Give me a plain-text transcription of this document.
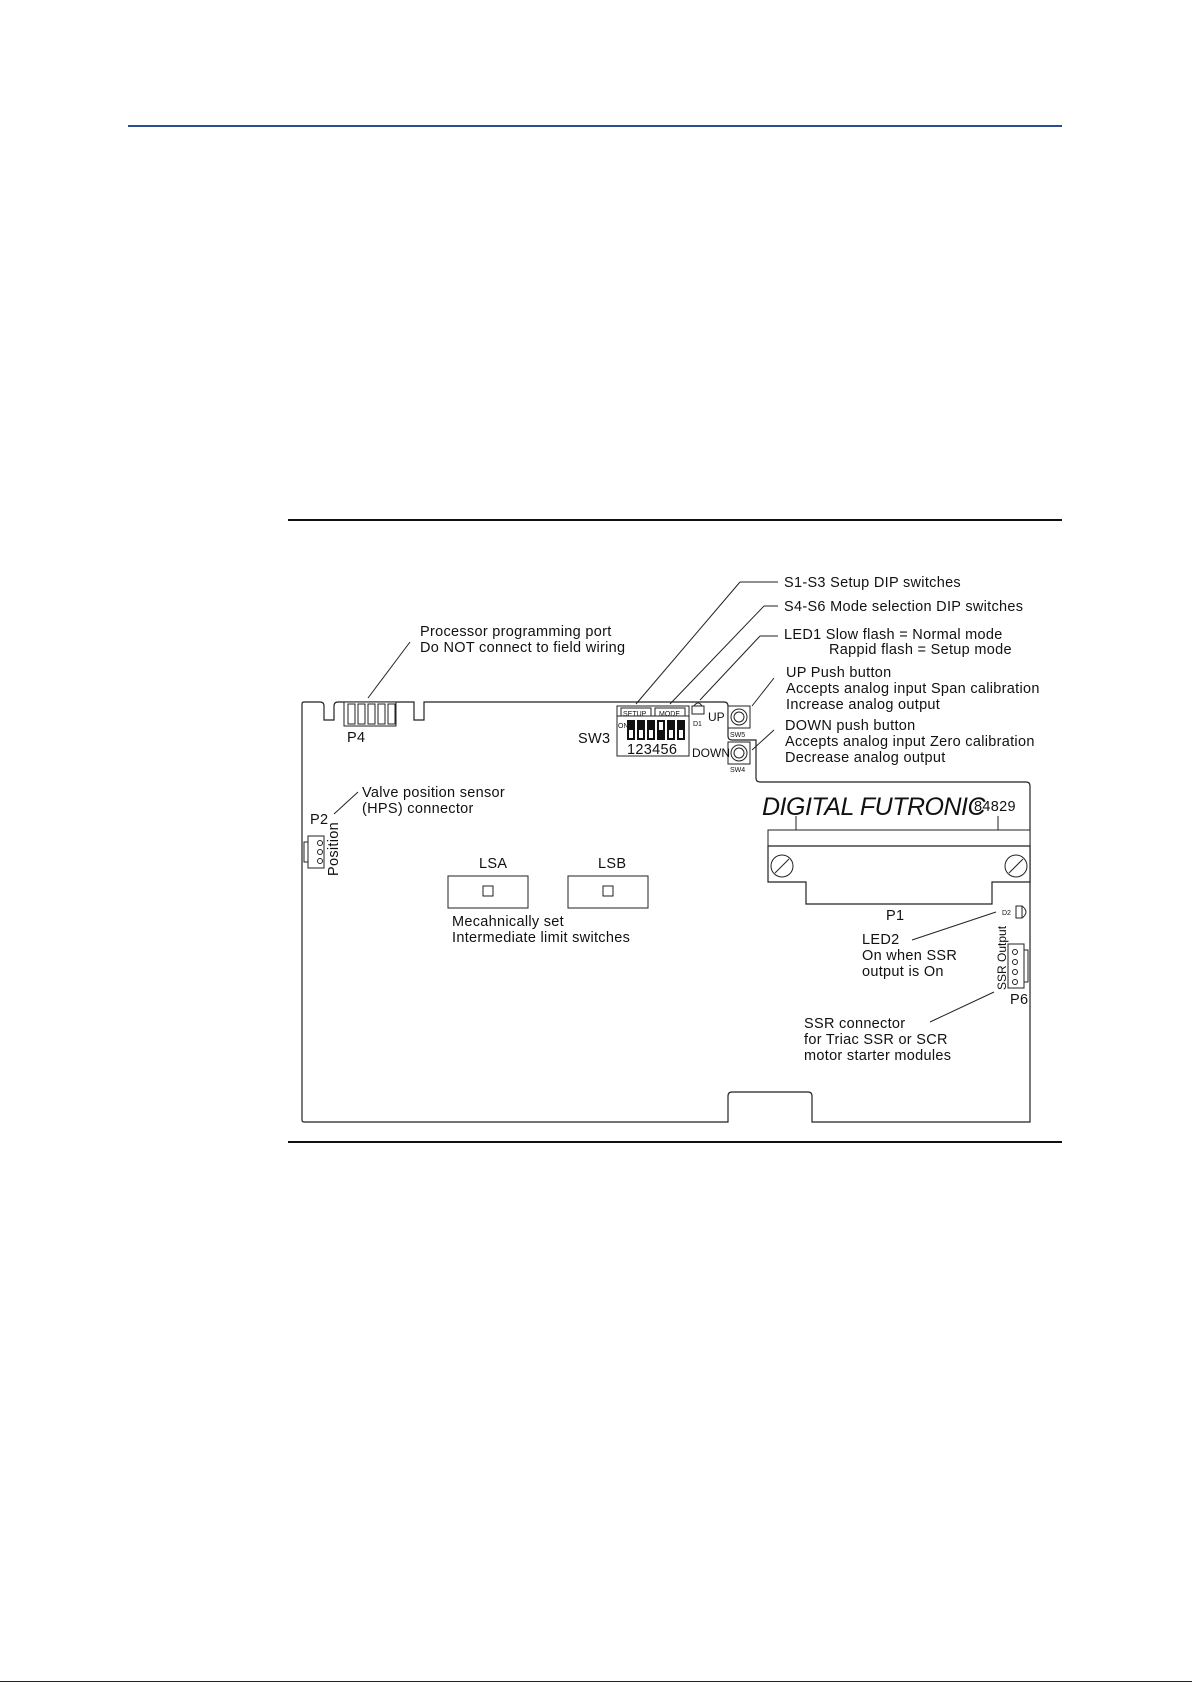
P4
Processor programming port
Do NOT connect to field wiring
SETUP MODE
ON
123456
SW3
S1-S3 Setup DIP switches
S4-S6 Mode selection DIP switches
LED1 Slow flash = Normal mode
Rappid flash = Setup mode
D1
UP
SW5
UP Push button
Accepts analog input Span calibration
Increase analog output
DOWN
SW4
DOWN push button
Accepts analog input Zero calibration
Decrease analog output
P2
Position
Valve position sensor
(HPS) connector
LSA	LSB
Mecahnically set
Intermediate limit switches
DIGITAL FUTRONIC
84829
P1	D2
LED2
On when SSR
output is On	SSR Output
P6
SSR connector
for Triac SSR or SCR
motor starter modules
